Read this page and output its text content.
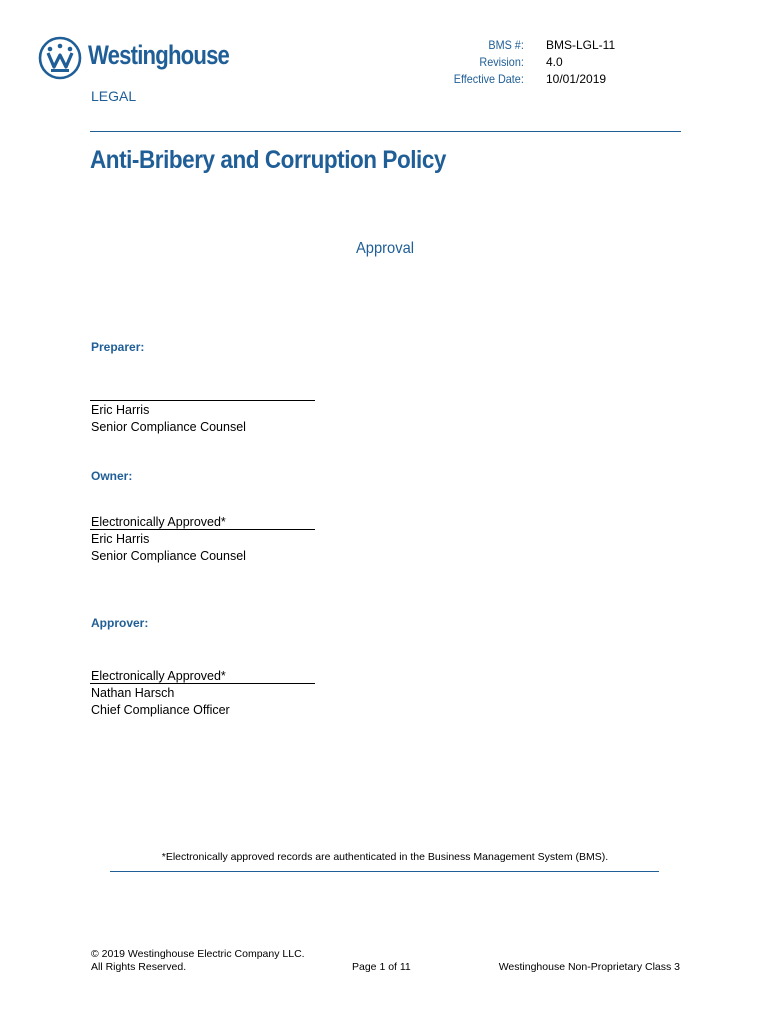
Westinghouse
LEGAL
BMS #:
Revision:
Effective Date:
BMS-LGL-11
4.0
10/01/2019
Anti-Bribery and Corruption Policy
Approval
Preparer:
Eric Harris
Senior Compliance Counsel
Owner:
Electronically Approved*
Eric Harris
Senior Compliance Counsel
Approver:
Electronically Approved*
Nathan Harsch
Chief Compliance Officer
*Electronically approved records are authenticated in the Business Management System (BMS).
© 2019 Westinghouse Electric Company LLC.
All Rights Reserved.	Page 1 of 11	Westinghouse Non-Proprietary Class 3
